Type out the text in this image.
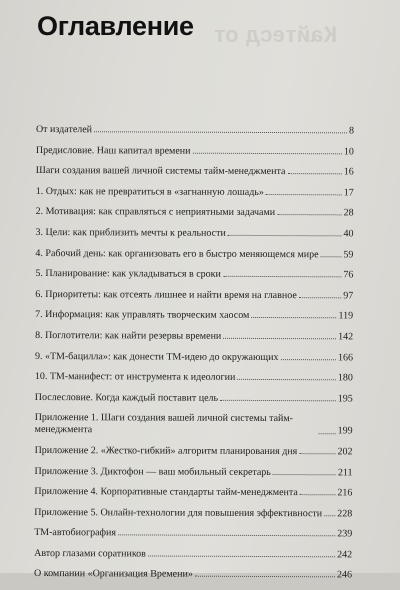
Кайтесд от
Оглавление
От издателей	8
Предисловие. Наш капитал времени	10
Шаги создания вашей личной системы тайм-менеджмента	16
1. Отдых: как не превратиться в «загнанную лошадь»	17
2. Мотивация: как справляться с неприятными задачами	28
3. Цели: как приблизить мечты к реальности	40
4. Рабочий день: как организовать его в быстро меняющемся мире 59
5. Планирование: как укладываться в сроки	76
6. Приоритеты: как отсеять лишнее и найти время на главное	97
7. Информация: как управлять творческим хаосом	119
8. Поглотители: как найти резервы времени	142
9. «ТМ-бацилла»: как донести ТМ-идею до окружающих	166
10. ТМ-манифест: от инструмента к идеологии	180
Послесловие. Когда каждый поставит цель	195
Приложение 1. Шаги создания вашей личной системы тайм-менеджмента	199
Приложение 2. «Жестко-гибкий» алгоритм планирования дня	202
Приложение 3. Диктофон — ваш мобильный секретарь	211
Приложение 4. Корпоративные стандарты тайм-менеджмента	216
Приложение 5. Онлайн-технологии для повышения эффективности 228
ТМ-автобиография	239
Автор глазами соратников	242
О компании «Организация Времени»	246
